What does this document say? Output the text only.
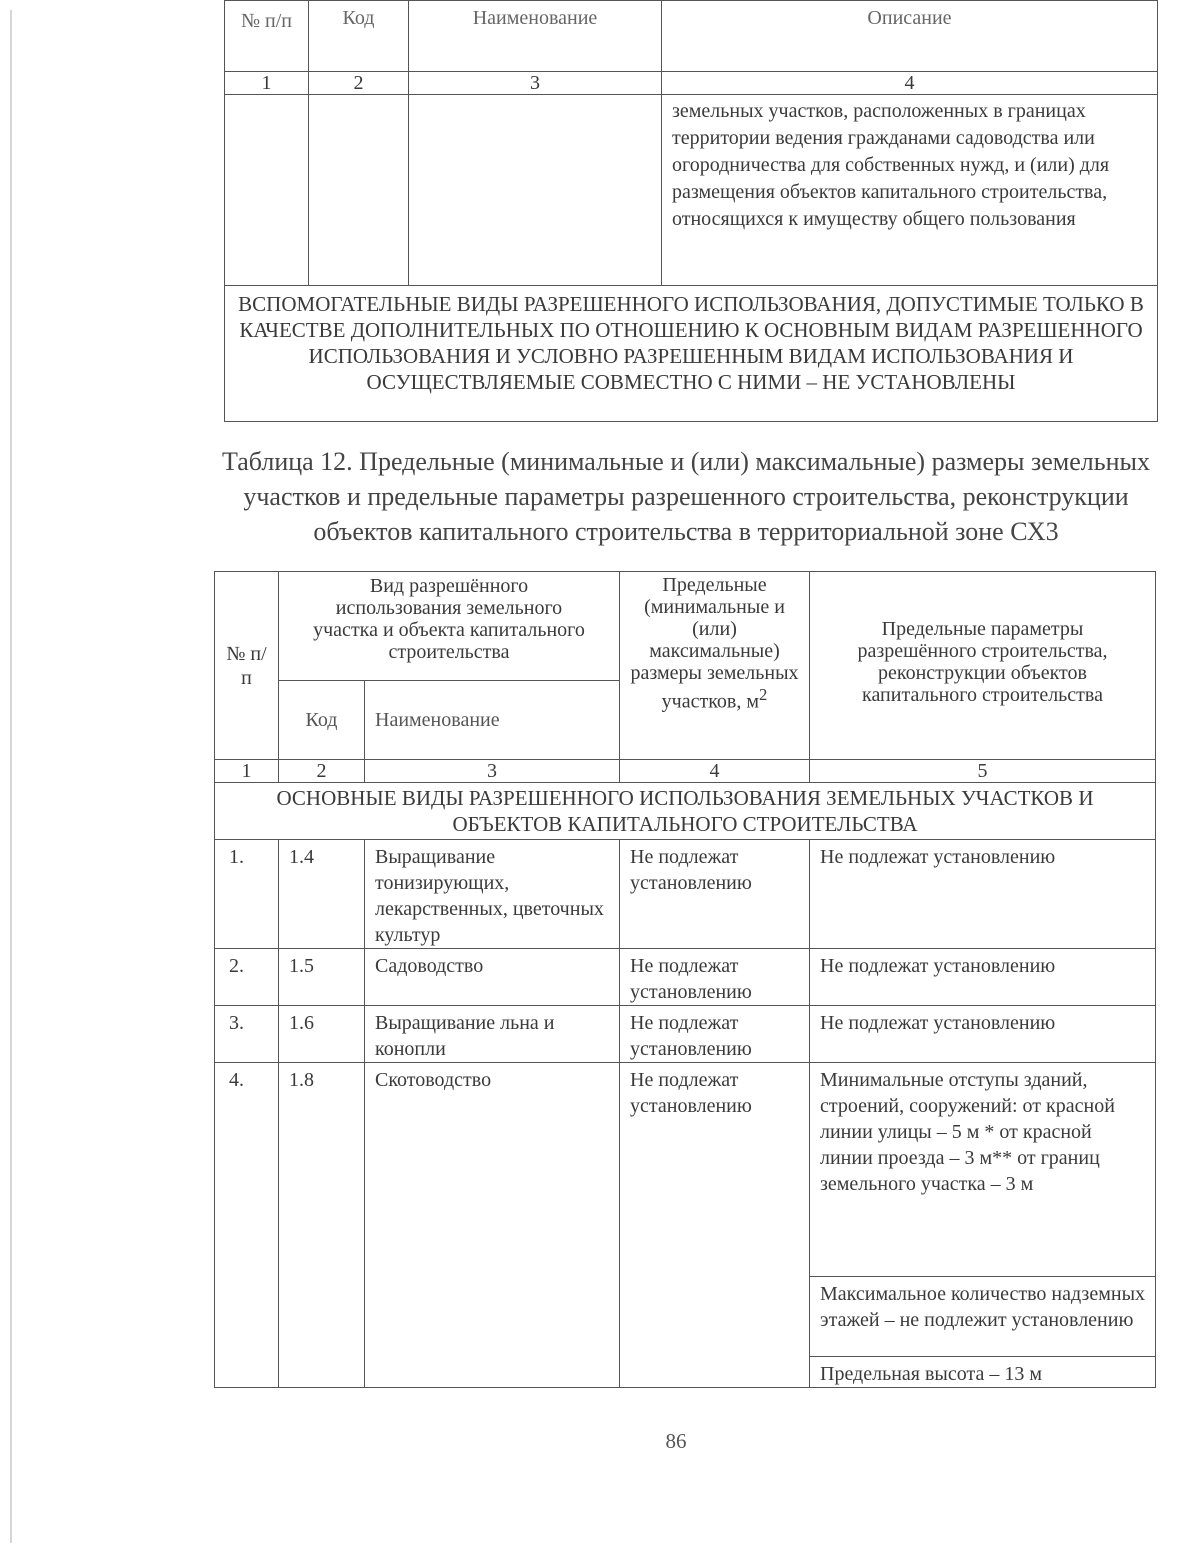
№ п/п	Код	Наименование	Описание
1	2	3	4

			земельных участков, расположенных в границах территории ведения гражданами садоводства или огородничества для собственных нужд, и (или) для размещения объектов капитального строительства, относящихся к имуществу общего пользования

ВСПОМОГАТЕЛЬНЫЕ ВИДЫ РАЗРЕШЕННОГО ИСПОЛЬЗОВАНИЯ, ДОПУСТИМЫЕ ТОЛЬКО В КАЧЕСТВЕ ДОПОЛНИТЕЛЬНЫХ ПО ОТНОШЕНИЮ К ОСНОВНЫМ ВИДАМ РАЗРЕШЕННОГО ИСПОЛЬЗОВАНИЯ И УСЛОВНО РАЗРЕШЕННЫМ ВИДАМ ИСПОЛЬЗОВАНИЯ И ОСУЩЕСТВЛЯЕМЫЕ СОВМЕСТНО С НИМИ – НЕ УСТАНОВЛЕНЫ			
Таблица 12. Предельные (минимальные и (или) максимальные) размеры земельных участков и предельные параметры разрешенного строительства, реконструкции объектов капитального строительства в территориальной зоне СХ3
№ п/п	Вид разрешённого использования земельного участка и объекта капитального строительства		Предельные (минимальные и (или) максимальные) размеры земельных участков, $м^2$	Предельные параметры разрешённого строительства, реконструкции объектов капитального строительства
	Код	Наименование		
1	2	3	4	5
ОСНОВНЫЕ ВИДЫ РАЗРЕШЕННОГО ИСПОЛЬЗОВАНИЯ ЗЕМЕЛЬНЫХ УЧАСТКОВ И ОБЪЕКТОВ КАПИТАЛЬНОГО СТРОИТЕЛЬСТВА				
1.	1.4	Выращивание тонизирующих, лекарственных, цветочных культур	Не подлежат установлению	Не подлежат установлению
2.	1.5	Садоводство	Не подлежат установлению	Не подлежат установлению
3.	1.6	Выращивание льна и конопли	Не подлежат установлению	Не подлежат установлению
4.	1.8	Скотоводство	Не подлежат установлению	Минимальные отступы зданий, строений, сооружений: от красной линии улицы – 5 м * от красной линии проезда – 3 м** от границ земельного участка – 3 м
				Максимальное количество надземных этажей – не подлежит установлению
				Предельная высота – 13 м
86
